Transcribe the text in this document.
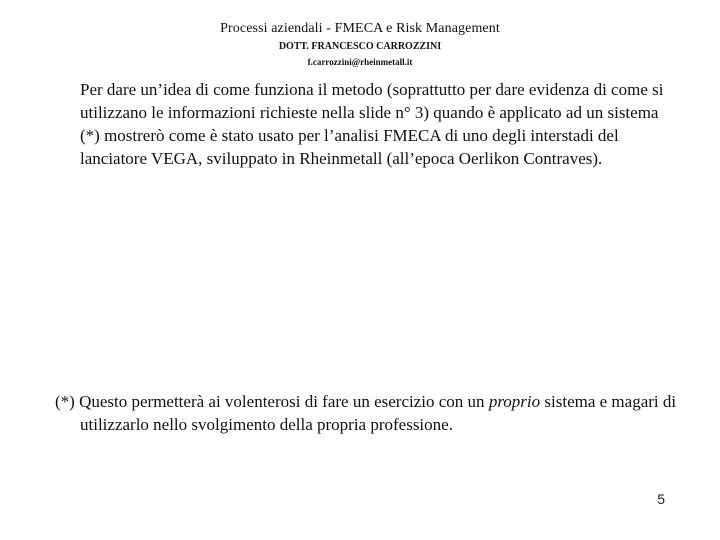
Processi aziendali - FMECA e Risk Management
DOTT. FRANCESCO CARROZZINI
f.carrozzini@rheinmetall.it

Per dare un’idea di come funziona il metodo (soprattutto per dare evidenza di come si utilizzano le informazioni richieste nella slide n° 3) quando è applicato ad un sistema (*) mostrerò come è stato usato per l’analisi FMECA di uno degli interstadi del lanciatore VEGA, sviluppato in Rheinmetall (all’epoca Oerlikon Contraves).

(*) Questo permetterà ai volenterosi di fare un esercizio con un proprio sistema e magari di utilizzarlo nello svolgimento della propria professione.

5
